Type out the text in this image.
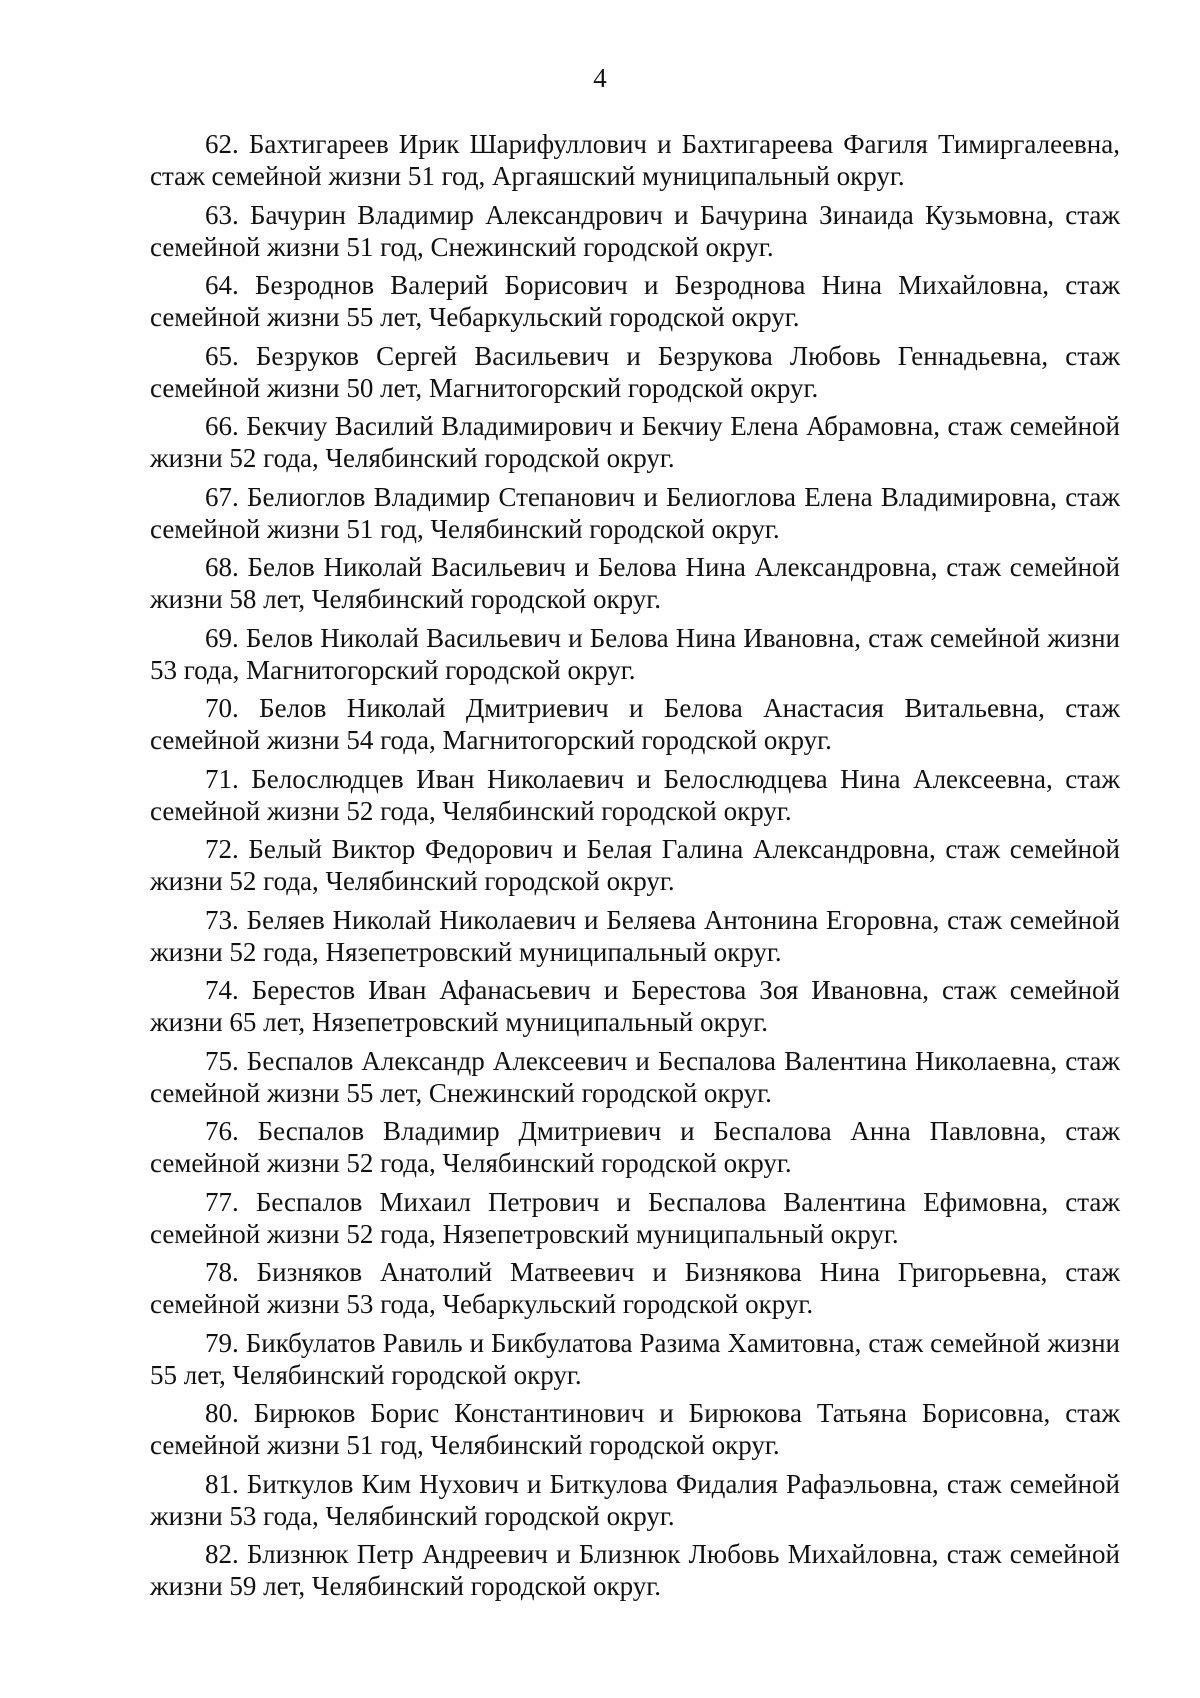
4

62. Бахтигареев Ирик Шарифуллович и Бахтигареева Фагиля Тимиргалеевна, стаж семейной жизни 51 год, Аргаяшский муниципальный округ.

63. Бачурин Владимир Александрович и Бачурина Зинаида Кузьмовна, стаж семейной жизни 51 год, Снежинский городской округ.

64. Безроднов Валерий Борисович и Безроднова Нина Михайловна, стаж семейной жизни 55 лет, Чебаркульский городской округ.

65. Безруков Сергей Васильевич и Безрукова Любовь Геннадьевна, стаж семейной жизни 50 лет, Магнитогорский городской округ.

66. Бекчиу Василий Владимирович и Бекчиу Елена Абрамовна, стаж семейной жизни 52 года, Челябинский городской округ.

67. Белиоглов Владимир Степанович и Белиоглова Елена Владимировна, стаж семейной жизни 51 год, Челябинский городской округ.

68. Белов Николай Васильевич и Белова Нина Александровна, стаж семейной жизни 58 лет, Челябинский городской округ.

69. Белов Николай Васильевич и Белова Нина Ивановна, стаж семейной жизни 53 года, Магнитогорский городской округ.

70. Белов Николай Дмитриевич и Белова Анастасия Витальевна, стаж семейной жизни 54 года, Магнитогорский городской округ.

71. Белослюдцев Иван Николаевич и Белослюдцева Нина Алексеевна, стаж семейной жизни 52 года, Челябинский городской округ.

72. Белый Виктор Федорович и Белая Галина Александровна, стаж семейной жизни 52 года, Челябинский городской округ.

73. Беляев Николай Николаевич и Беляева Антонина Егоровна, стаж семейной жизни 52 года, Нязепетровский муниципальный округ.

74. Берестов Иван Афанасьевич и Берестова Зоя Ивановна, стаж семейной жизни 65 лет, Нязепетровский муниципальный округ.

75. Беспалов Александр Алексеевич и Беспалова Валентина Николаевна, стаж семейной жизни 55 лет, Снежинский городской округ.

76. Беспалов Владимир Дмитриевич и Беспалова Анна Павловна, стаж семейной жизни 52 года, Челябинский городской округ.

77. Беспалов Михаил Петрович и Беспалова Валентина Ефимовна, стаж семейной жизни 52 года, Нязепетровский муниципальный округ.

78. Бизняков Анатолий Матвеевич и Бизнякова Нина Григорьевна, стаж семейной жизни 53 года, Чебаркульский городской округ.

79. Бикбулатов Равиль и Бикбулатова Разима Хамитовна, стаж семейной жизни 55 лет, Челябинский городской округ.

80. Бирюков Борис Константинович и Бирюкова Татьяна Борисовна, стаж семейной жизни 51 год, Челябинский городской округ.

81. Биткулов Ким Нухович и Биткулова Фидалия Рафаэльовна, стаж семейной жизни 53 года, Челябинский городской округ.

82. Близнюк Петр Андреевич и Близнюк Любовь Михайловна, стаж семейной жизни 59 лет, Челябинский городской округ.
